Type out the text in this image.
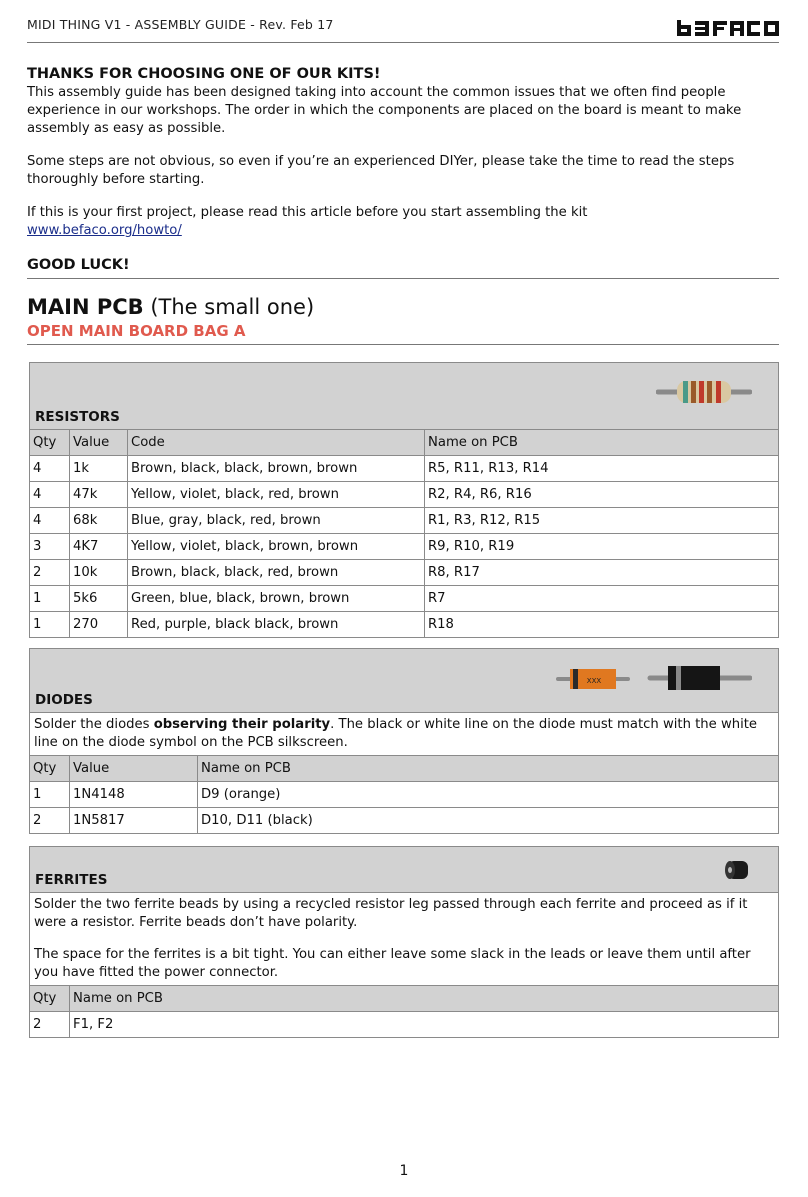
MIDI THING V1 - ASSEMBLY GUIDE - Rev. Feb 17
THANKS FOR CHOOSING ONE OF OUR KITS!

This assembly guide has been designed taking into account the common issues that we often find people experience in our workshops. The order in which the components are placed on the board is meant to make assembly as easy as possible.

Some steps are not obvious, so even if you’re an experienced DIYer, please take the time to read the steps thoroughly before starting.

If this is your first project, please read this article before you start assembling the kit
www.befaco.org/howto/

GOOD LUCK!
MAIN PCB (The small one)
OPEN MAIN BOARD BAG A
RESISTORS			

Qty	Value	Code	Name on PCB
4	1k	Brown, black, black, brown, brown	R5, R11, R13, R14
4	47k	Yellow, violet, black, red, brown	R2, R4, R6, R16
4	68k	Blue, gray, black, red, brown	R1, R3, R12, R15
3	4K7	Yellow, violet, black, brown, brown	R9, R10, R19
2	10k	Brown, black, black, red, brown	R8, R17
1	5k6	Green, blue, black, brown, brown	R7
1	270	Red, purple, black black, brown	R18
DIODES
XXX		

Solder the diodes observing their polarity. The black or white line on the diode must match with the white line on the diode symbol on the PCB silkscreen.		
Qty	Value	Name on PCB
1	1N4148	D9 (orange)
2	1N5817	D10, D11 (black)
FERRITES	

Solder the two ferrite beads by using a recycled resistor leg passed through each ferrite and proceed as if it were a resistor. Ferrite beads don’t have polarity.
The space for the ferrites is a bit tight. You can either leave some slack in the leads or leave them until after you have fitted the power connector.	

Qty	Name on PCB
2	F1, F2
1
